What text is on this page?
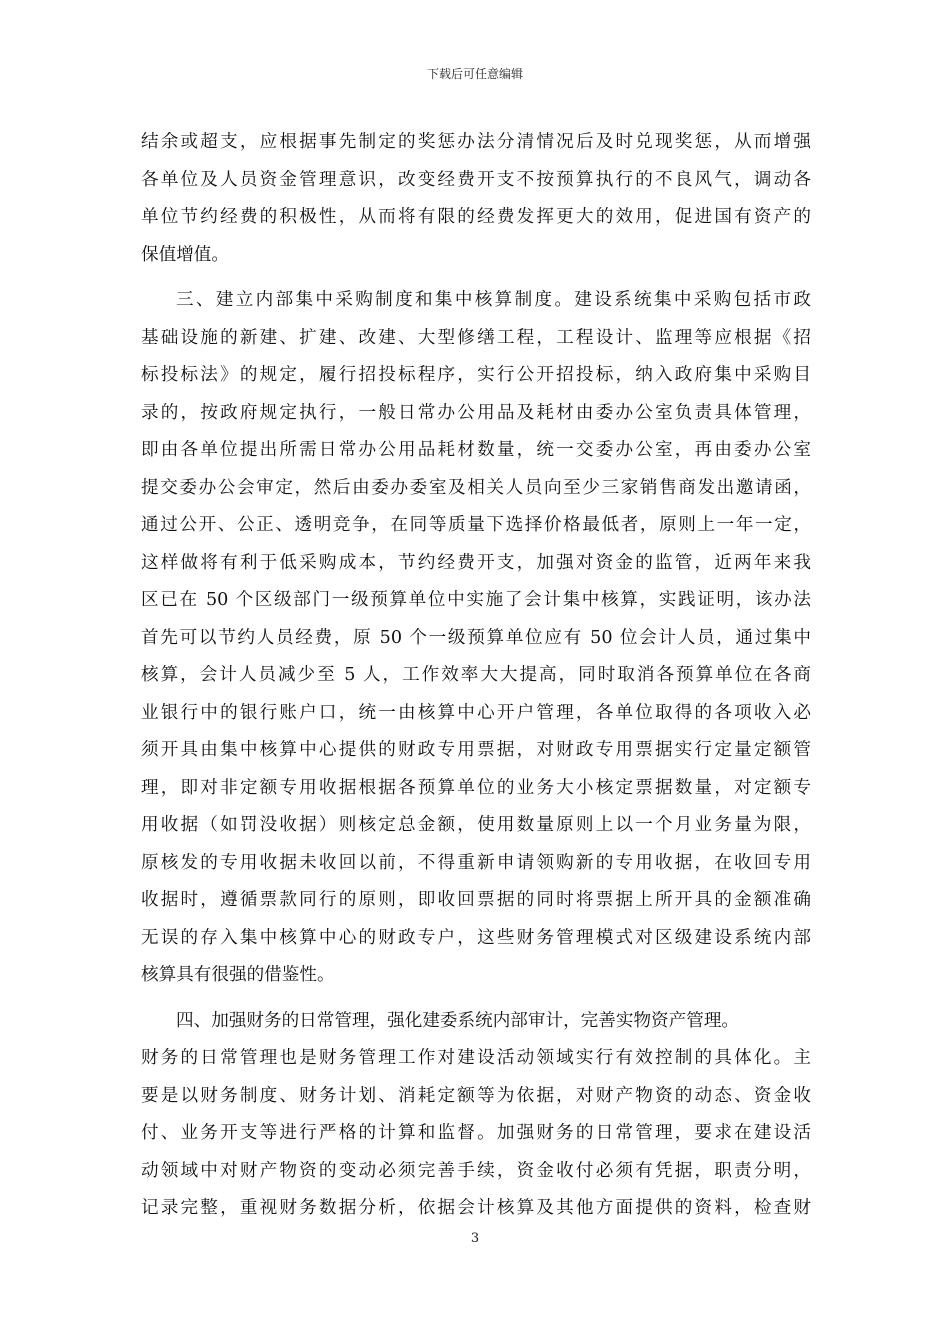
下载后可任意编辑
结余或超支，应根据事先制定的奖惩办法分清情况后及时兑现奖惩，从而增强
各单位及人员资金管理意识，改变经费开支不按预算执行的不良风气，调动各
单位节约经费的积极性，从而将有限的经费发挥更大的效用，促进国有资产的
保值增值。
三、建立内部集中采购制度和集中核算制度。建设系统集中采购包括市政
基础设施的新建、扩建、改建、大型修缮工程，工程设计、监理等应根据《招
标投标法》的规定，履行招投标程序，实行公开招投标，纳入政府集中采购目
录的，按政府规定执行，一般日常办公用品及耗材由委办公室负责具体管理，
即由各单位提出所需日常办公用品耗材数量，统一交委办公室，再由委办公室
提交委办公会审定，然后由委办委室及相关人员向至少三家销售商发出邀请函，
通过公开、公正、透明竞争，在同等质量下选择价格最低者，原则上一年一定，
这样做将有利于低采购成本，节约经费开支，加强对资金的监管，近两年来我
区已在 50 个区级部门一级预算单位中实施了会计集中核算，实践证明，该办法
首先可以节约人员经费，原 50 个一级预算单位应有 50 位会计人员，通过集中
核算，会计人员减少至 5 人，工作效率大大提高，同时取消各预算单位在各商
业银行中的银行账户口，统一由核算中心开户管理，各单位取得的各项收入必
须开具由集中核算中心提供的财政专用票据，对财政专用票据实行定量定额管
理，即对非定额专用收据根据各预算单位的业务大小核定票据数量，对定额专
用收据（如罚没收据）则核定总金额，使用数量原则上以一个月业务量为限，
原核发的专用收据未收回以前，不得重新申请领购新的专用收据，在收回专用
收据时，遵循票款同行的原则，即收回票据的同时将票据上所开具的金额准确
无误的存入集中核算中心的财政专户，这些财务管理模式对区级建设系统内部
核算具有很强的借鉴性。
四、加强财务的日常管理，强化建委系统内部审计，完善实物资产管理。
财务的日常管理也是财务管理工作对建设活动领域实行有效控制的具体化。主
要是以财务制度、财务计划、消耗定额等为依据，对财产物资的动态、资金收
付、业务开支等进行严格的计算和监督。加强财务的日常管理，要求在建设活
动领域中对财产物资的变动必须完善手续，资金收付必须有凭据，职责分明，
记录完整，重视财务数据分析，依据会计核算及其他方面提供的资料，检查财
3
